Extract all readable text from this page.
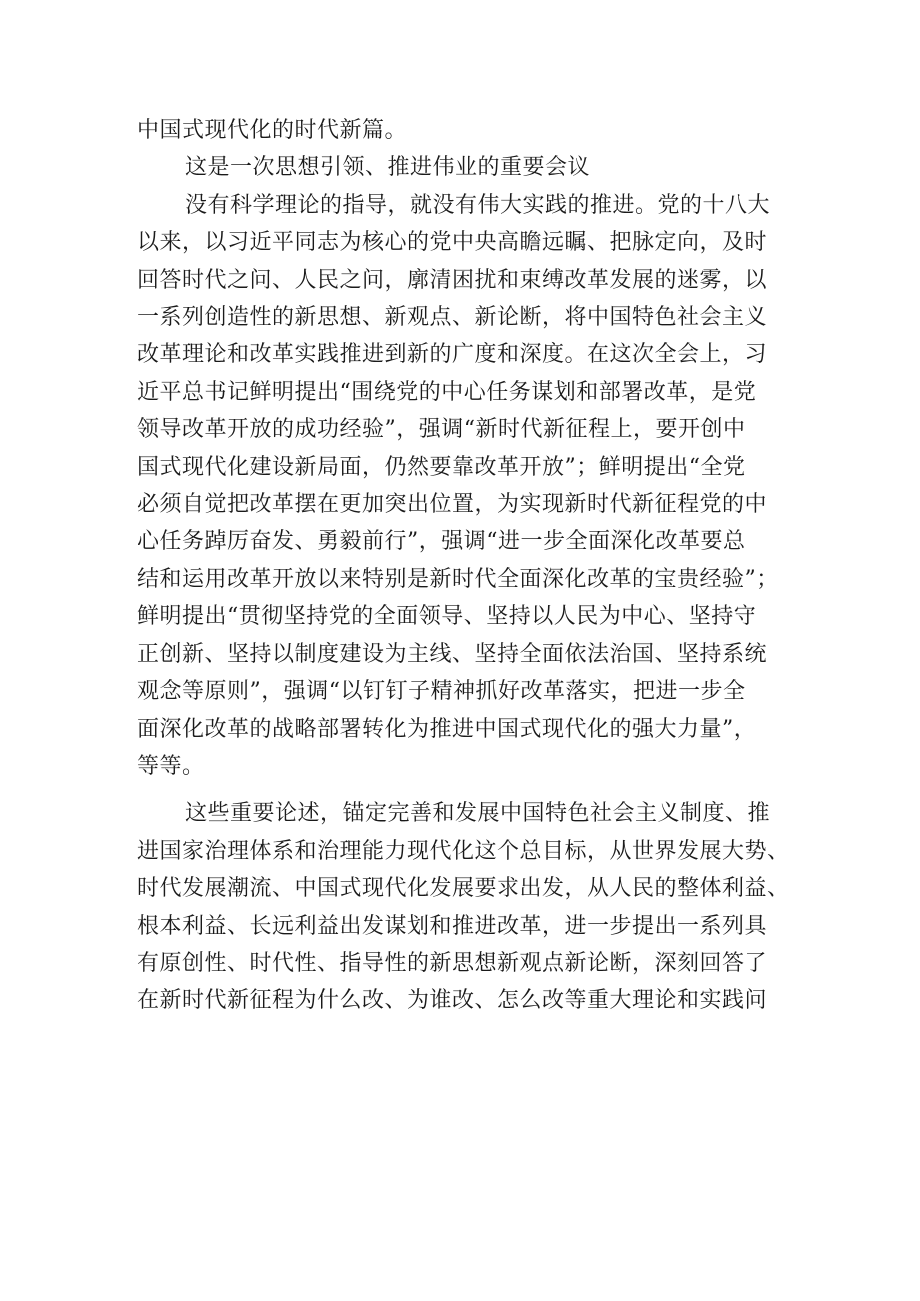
中国式现代化的时代新篇。

这是一次思想引领、推进伟业的重要会议

没有科学理论的指导，就没有伟大实践的推进。党的十八大
以来，以习近平同志为核心的党中央高瞻远瞩、把脉定向，及时
回答时代之问、人民之问，廓清困扰和束缚改革发展的迷雾，以
一系列创造性的新思想、新观点、新论断，将中国特色社会主义
改革理论和改革实践推进到新的广度和深度。在这次全会上，习
近平总书记鲜明提出“围绕党的中心任务谋划和部署改革，是党
领导改革开放的成功经验”，强调“新时代新征程上，要开创中
国式现代化建设新局面，仍然要靠改革开放”；鲜明提出“全党
必须自觉把改革摆在更加突出位置，为实现新时代新征程党的中
心任务踔厉奋发、勇毅前行”，强调“进一步全面深化改革要总
结和运用改革开放以来特别是新时代全面深化改革的宝贵经验”；
鲜明提出“贯彻坚持党的全面领导、坚持以人民为中心、坚持守
正创新、坚持以制度建设为主线、坚持全面依法治国、坚持系统
观念等原则”，强调“以钉钉子精神抓好改革落实，把进一步全
面深化改革的战略部署转化为推进中国式现代化的强大力量”，
等等。

这些重要论述，锚定完善和发展中国特色社会主义制度、推
进国家治理体系和治理能力现代化这个总目标，从世界发展大势、
时代发展潮流、中国式现代化发展要求出发，从人民的整体利益、
根本利益、长远利益出发谋划和推进改革，进一步提出一系列具
有原创性、时代性、指导性的新思想新观点新论断，深刻回答了
在新时代新征程为什么改、为谁改、怎么改等重大理论和实践问
